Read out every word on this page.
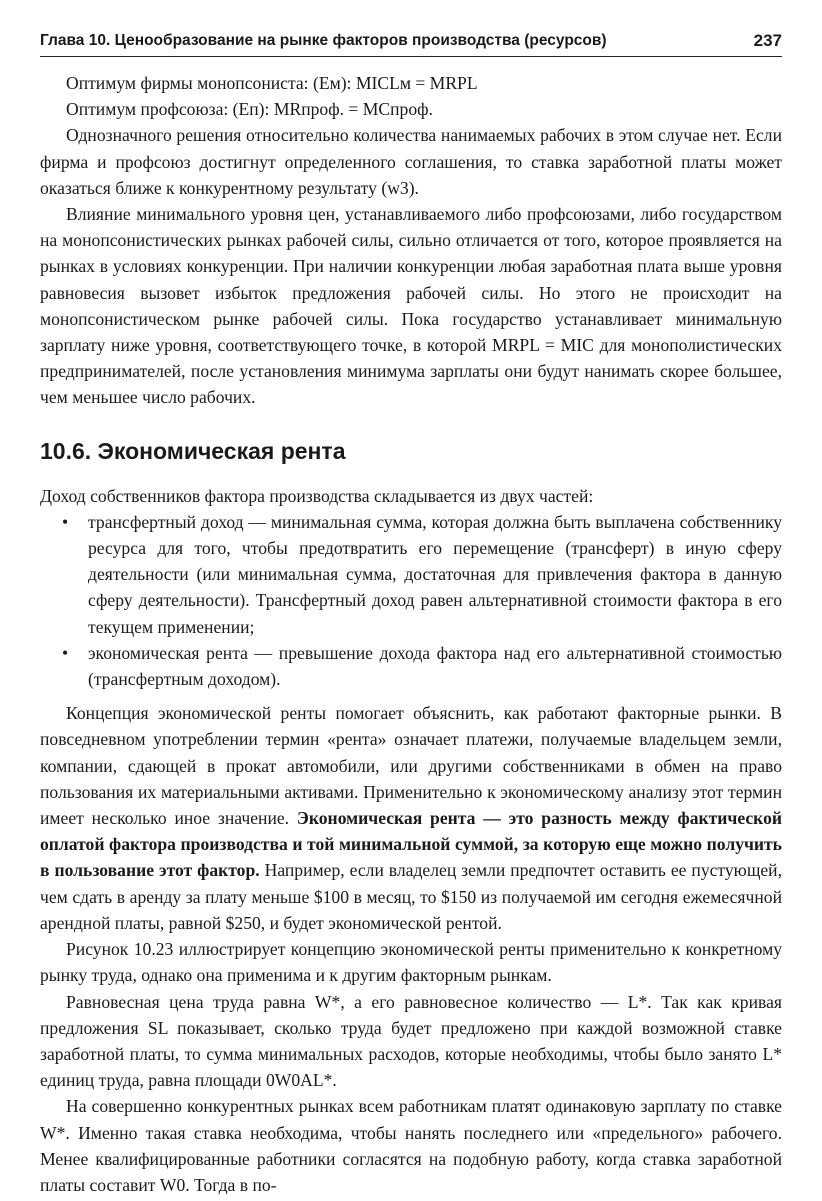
Глава 10. Ценообразование на рынке факторов производства (ресурсов)	237

Оптимум фирмы монопсониста: (Eм): MICLм = MRPL

Оптимум профсоюза: (Eп): MRпроф. = MCпроф.

Однозначного решения относительно количества нанимаемых рабочих в этом случае нет. Если фирма и профсоюз достигнут определенного соглашения, то ставка заработной платы может оказаться ближе к конкурентному результату (w3).

Влияние минимального уровня цен, устанавливаемого либо профсоюзами, либо государством на монопсонистических рынках рабочей силы, сильно отличается от того, которое проявляется на рынках в условиях конкуренции. При наличии конкуренции любая заработная плата выше уровня равновесия вызовет избыток предложения рабочей силы. Но этого не происходит на монопсонистическом рынке рабочей силы. Пока государство устанавливает минимальную зарплату ниже уровня, соответствующего точке, в которой MRPL = MIC для монополистических предпринимателей, после установления минимума зарплаты они будут нанимать скорее большее, чем меньшее число рабочих.

10.6. Экономическая рента

Доход собственников фактора производства складывается из двух частей:

• трансфертный доход — минимальная сумма, которая должна быть выплачена собственнику ресурса для того, чтобы предотвратить его перемещение (трансферт) в иную сферу деятельности (или минимальная сумма, достаточная для привлечения фактора в данную сферу деятельности). Трансфертный доход равен альтернативной стоимости фактора в его текущем применении;
• экономическая рента — превышение дохода фактора над его альтернативной стоимостью (трансфертным доходом).

Концепция экономической ренты помогает объяснить, как работают факторные рынки. В повседневном употреблении термин «рента» означает платежи, получаемые владельцем земли, компании, сдающей в прокат автомобили, или другими собственниками в обмен на право пользования их материальными активами. Применительно к экономическому анализу этот термин имеет несколько иное значение. Экономическая рента — это разность между фактической оплатой фактора производства и той минимальной суммой, за которую еще можно получить в пользование этот фактор. Например, если владелец земли предпочтет оставить ее пустующей, чем сдать в аренду за плату меньше $100 в месяц, то $150 из получаемой им сегодня ежемесячной арендной платы, равной $250, и будет экономической рентой.

Рисунок 10.23 иллюстрирует концепцию экономической ренты применительно к конкретному рынку труда, однако она применима и к другим факторным рынкам.

Равновесная цена труда равна W*, а его равновесное количество — L*. Так как кривая предложения SL показывает, сколько труда будет предложено при каждой возможной ставке заработной платы, то сумма минимальных расходов, которые необходимы, чтобы было занято L* единиц труда, равна площади 0W0AL*.

На совершенно конкурентных рынках всем работникам платят одинаковую зарплату по ставке W*. Именно такая ставка необходима, чтобы нанять последнего или «предельного» рабочего. Менее квалифицированные работники согласятся на подобную работу, когда ставка заработной платы составит W0. Тогда в по-
